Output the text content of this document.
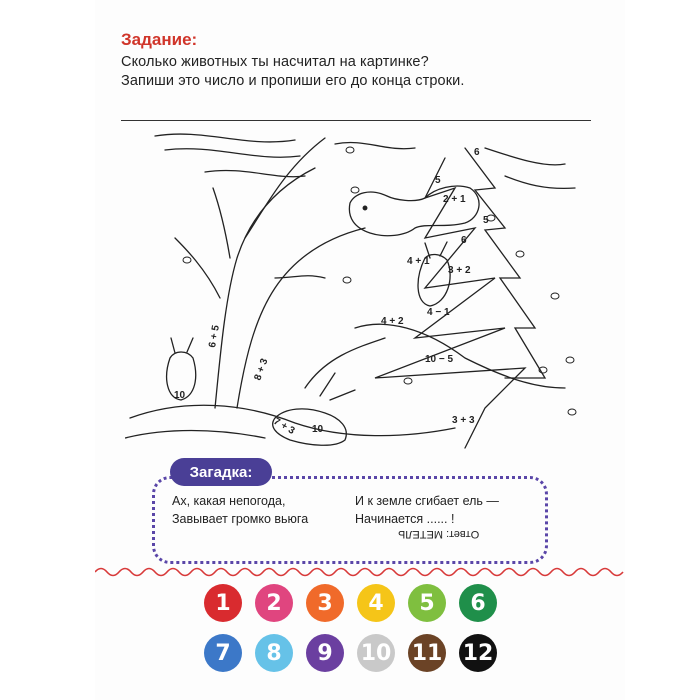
Задание:
Сколько животных ты насчитал на картинке?
Запиши это число и пропиши его до конца строки.
6
5
2 + 1
5
6
4 + 1
3 + 2
4 + 2
4 − 1
10 − 5
3 + 3
6 + 5
8 + 3
7 + 3
10
10
Загадка:
Ах, какая непогода,
Завывает громко вьюга
И к земле сгибает ель —
Начинается ...... !
Ответ: МЕТЕЛЬ
1	2	3	4	5	6
7	8	9	10 11 12
